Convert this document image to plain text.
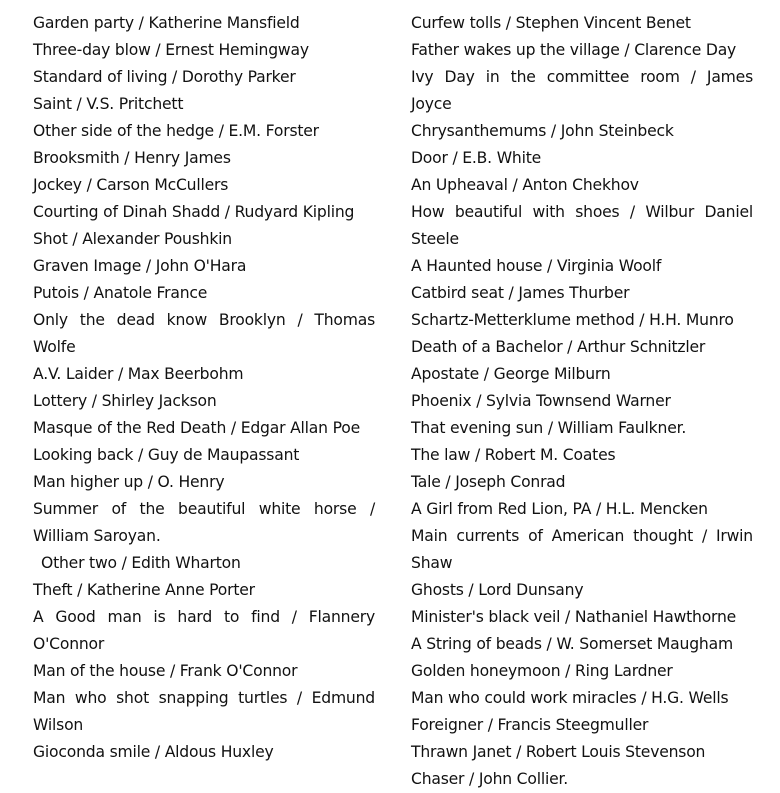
Garden party / Katherine Mansfield
Three-day blow / Ernest Hemingway
Standard of living / Dorothy Parker
Saint / V.S. Pritchett
Other side of the hedge / E.M. Forster
Brooksmith / Henry James
Jockey / Carson McCullers
Courting of Dinah Shadd / Rudyard Kipling
Shot / Alexander Poushkin
Graven Image / John O'Hara
Putois / Anatole France
Only the dead know Brooklyn / Thomas Wolfe
A.V. Laider / Max Beerbohm
Lottery / Shirley Jackson
Masque of the Red Death / Edgar Allan Poe
Looking back / Guy de Maupassant
Man higher up / O. Henry
Summer of the beautiful white horse / William Saroyan.
Other two / Edith Wharton
Theft / Katherine Anne Porter
A Good man is hard to find / Flannery O'Connor
Man of the house / Frank O'Connor
Man who shot snapping turtles / Edmund Wilson
Gioconda smile / Aldous Huxley
Curfew tolls / Stephen Vincent Benet
Father wakes up the village / Clarence Day
Ivy Day in the committee room / James Joyce
Chrysanthemums / John Steinbeck
Door / E.B. White
An Upheaval / Anton Chekhov
How beautiful with shoes / Wilbur Daniel Steele
A Haunted house / Virginia Woolf
Catbird seat / James Thurber
Schartz-Metterklume method / H.H. Munro
Death of a Bachelor / Arthur Schnitzler
Apostate / George Milburn
Phoenix / Sylvia Townsend Warner
That evening sun / William Faulkner.
The law / Robert M. Coates
Tale / Joseph Conrad
A Girl from Red Lion, PA / H.L. Mencken
Main currents of American thought / Irwin Shaw
Ghosts / Lord Dunsany
Minister's black veil / Nathaniel Hawthorne
A String of beads / W. Somerset Maugham
Golden honeymoon / Ring Lardner
Man who could work miracles / H.G. Wells
Foreigner / Francis Steegmuller
Thrawn Janet / Robert Louis Stevenson
Chaser / John Collier.
